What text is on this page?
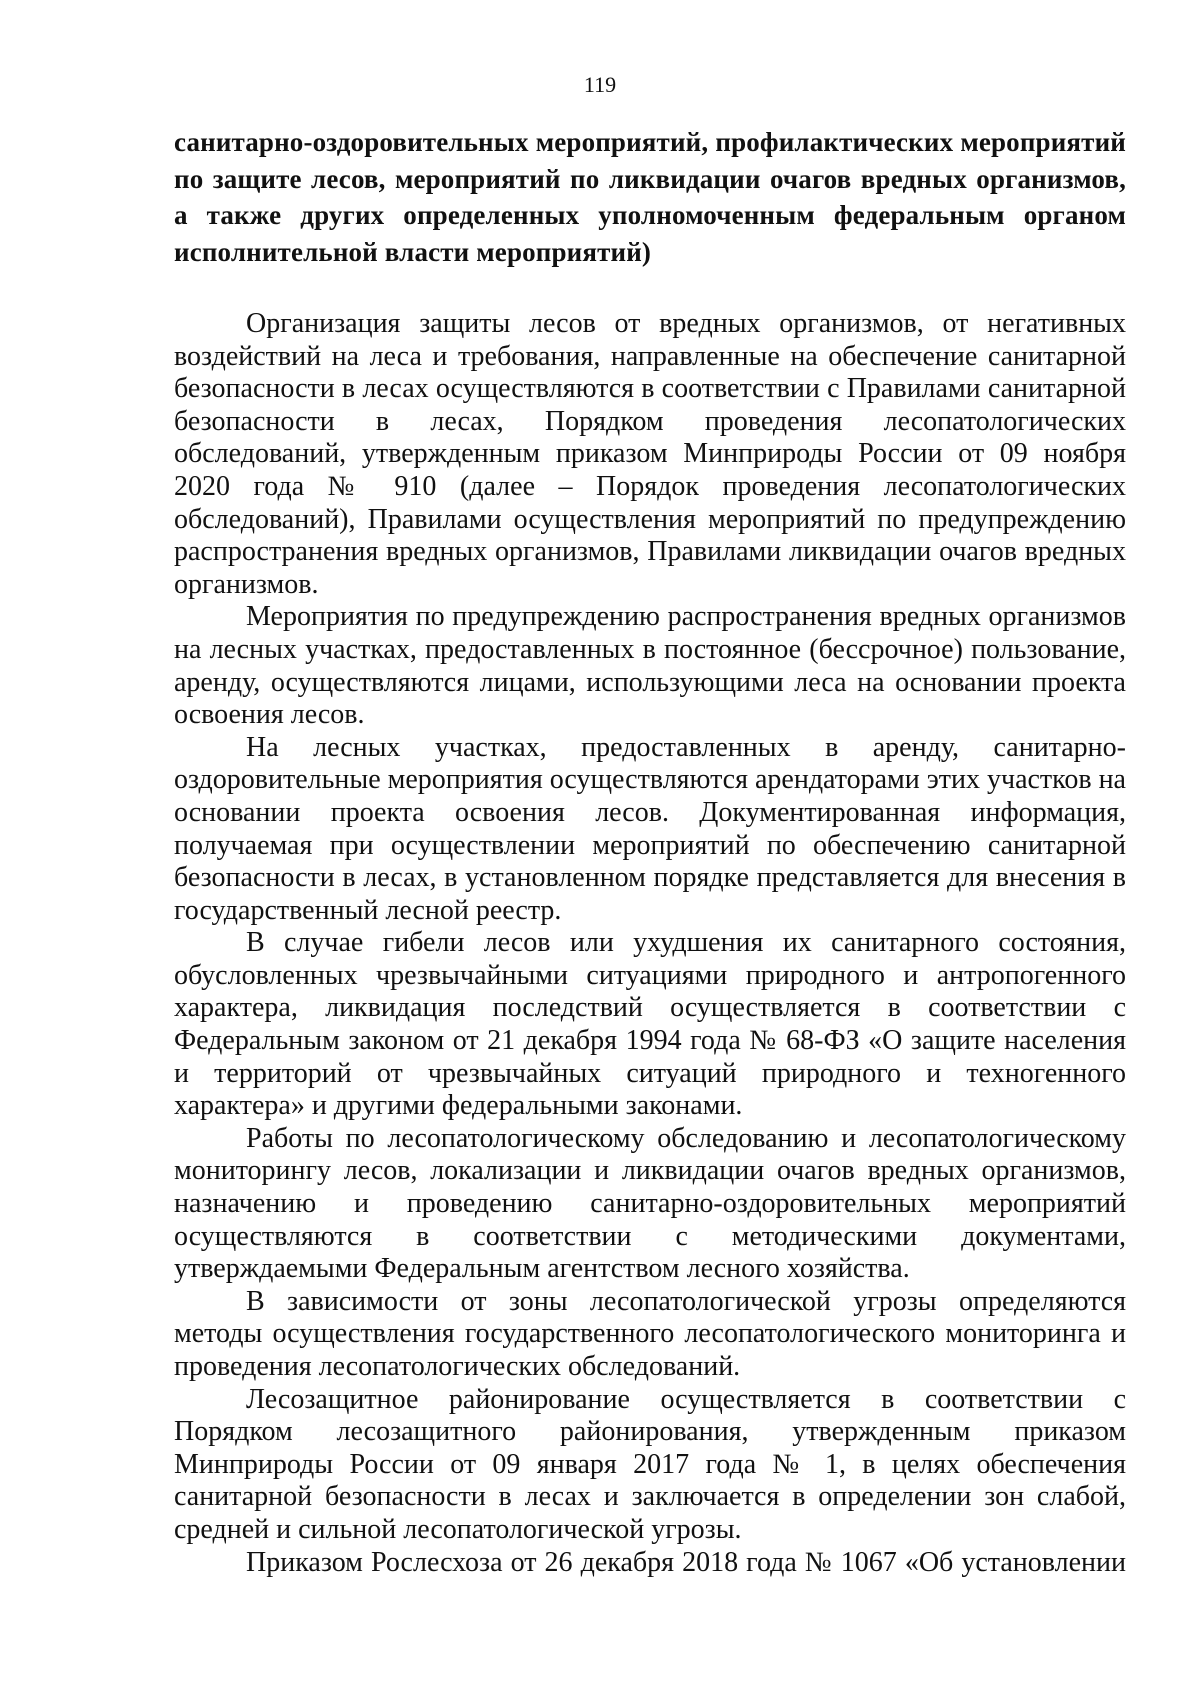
119

санитарно-оздоровительных мероприятий, профилактических мероприятий по защите лесов, мероприятий по ликвидации очагов вредных организмов, а также других определенных уполномоченным федеральным органом исполнительной власти мероприятий)

Организация защиты лесов от вредных организмов, от негативных воздействий на леса и требования, направленные на обеспечение санитарной безопасности в лесах осуществляются в соответствии с Правилами санитарной безопасности в лесах, Порядком проведения лесопатологических обследований, утвержденным приказом Минприроды России от 09 ноября 2020 года № 910 (далее – Порядок проведения лесопатологических обследований), Правилами осуществления мероприятий по предупреждению распространения вредных организмов, Правилами ликвидации очагов вредных организмов.

Мероприятия по предупреждению распространения вредных организмов на лесных участках, предоставленных в постоянное (бессрочное) пользование, аренду, осуществляются лицами, использующими леса на основании проекта освоения лесов.

На лесных участках, предоставленных в аренду, санитарно-оздоровительные мероприятия осуществляются арендаторами этих участков на основании проекта освоения лесов. Документированная информация, получаемая при осуществлении мероприятий по обеспечению санитарной безопасности в лесах, в установленном порядке представляется для внесения в государственный лесной реестр.

В случае гибели лесов или ухудшения их санитарного состояния, обусловленных чрезвычайными ситуациями природного и антропогенного характера, ликвидация последствий осуществляется в соответствии с Федеральным законом от 21 декабря 1994 года № 68-ФЗ «О защите населения и территорий от чрезвычайных ситуаций природного и техногенного характера» и другими федеральными законами.

Работы по лесопатологическому обследованию и лесопатологическому мониторингу лесов, локализации и ликвидации очагов вредных организмов, назначению и проведению санитарно-оздоровительных мероприятий осуществляются в соответствии с методическими документами, утверждаемыми Федеральным агентством лесного хозяйства.

В зависимости от зоны лесопатологической угрозы определяются методы осуществления государственного лесопатологического мониторинга и проведения лесопатологических обследований.

Лесозащитное районирование осуществляется в соответствии с Порядком лесозащитного районирования, утвержденным приказом Минприроды России от 09 января 2017 года № 1, в целях обеспечения санитарной безопасности в лесах и заключается в определении зон слабой, средней и сильной лесопатологической угрозы.

Приказом Рослесхоза от 26 декабря 2018 года № 1067 «Об установлении
